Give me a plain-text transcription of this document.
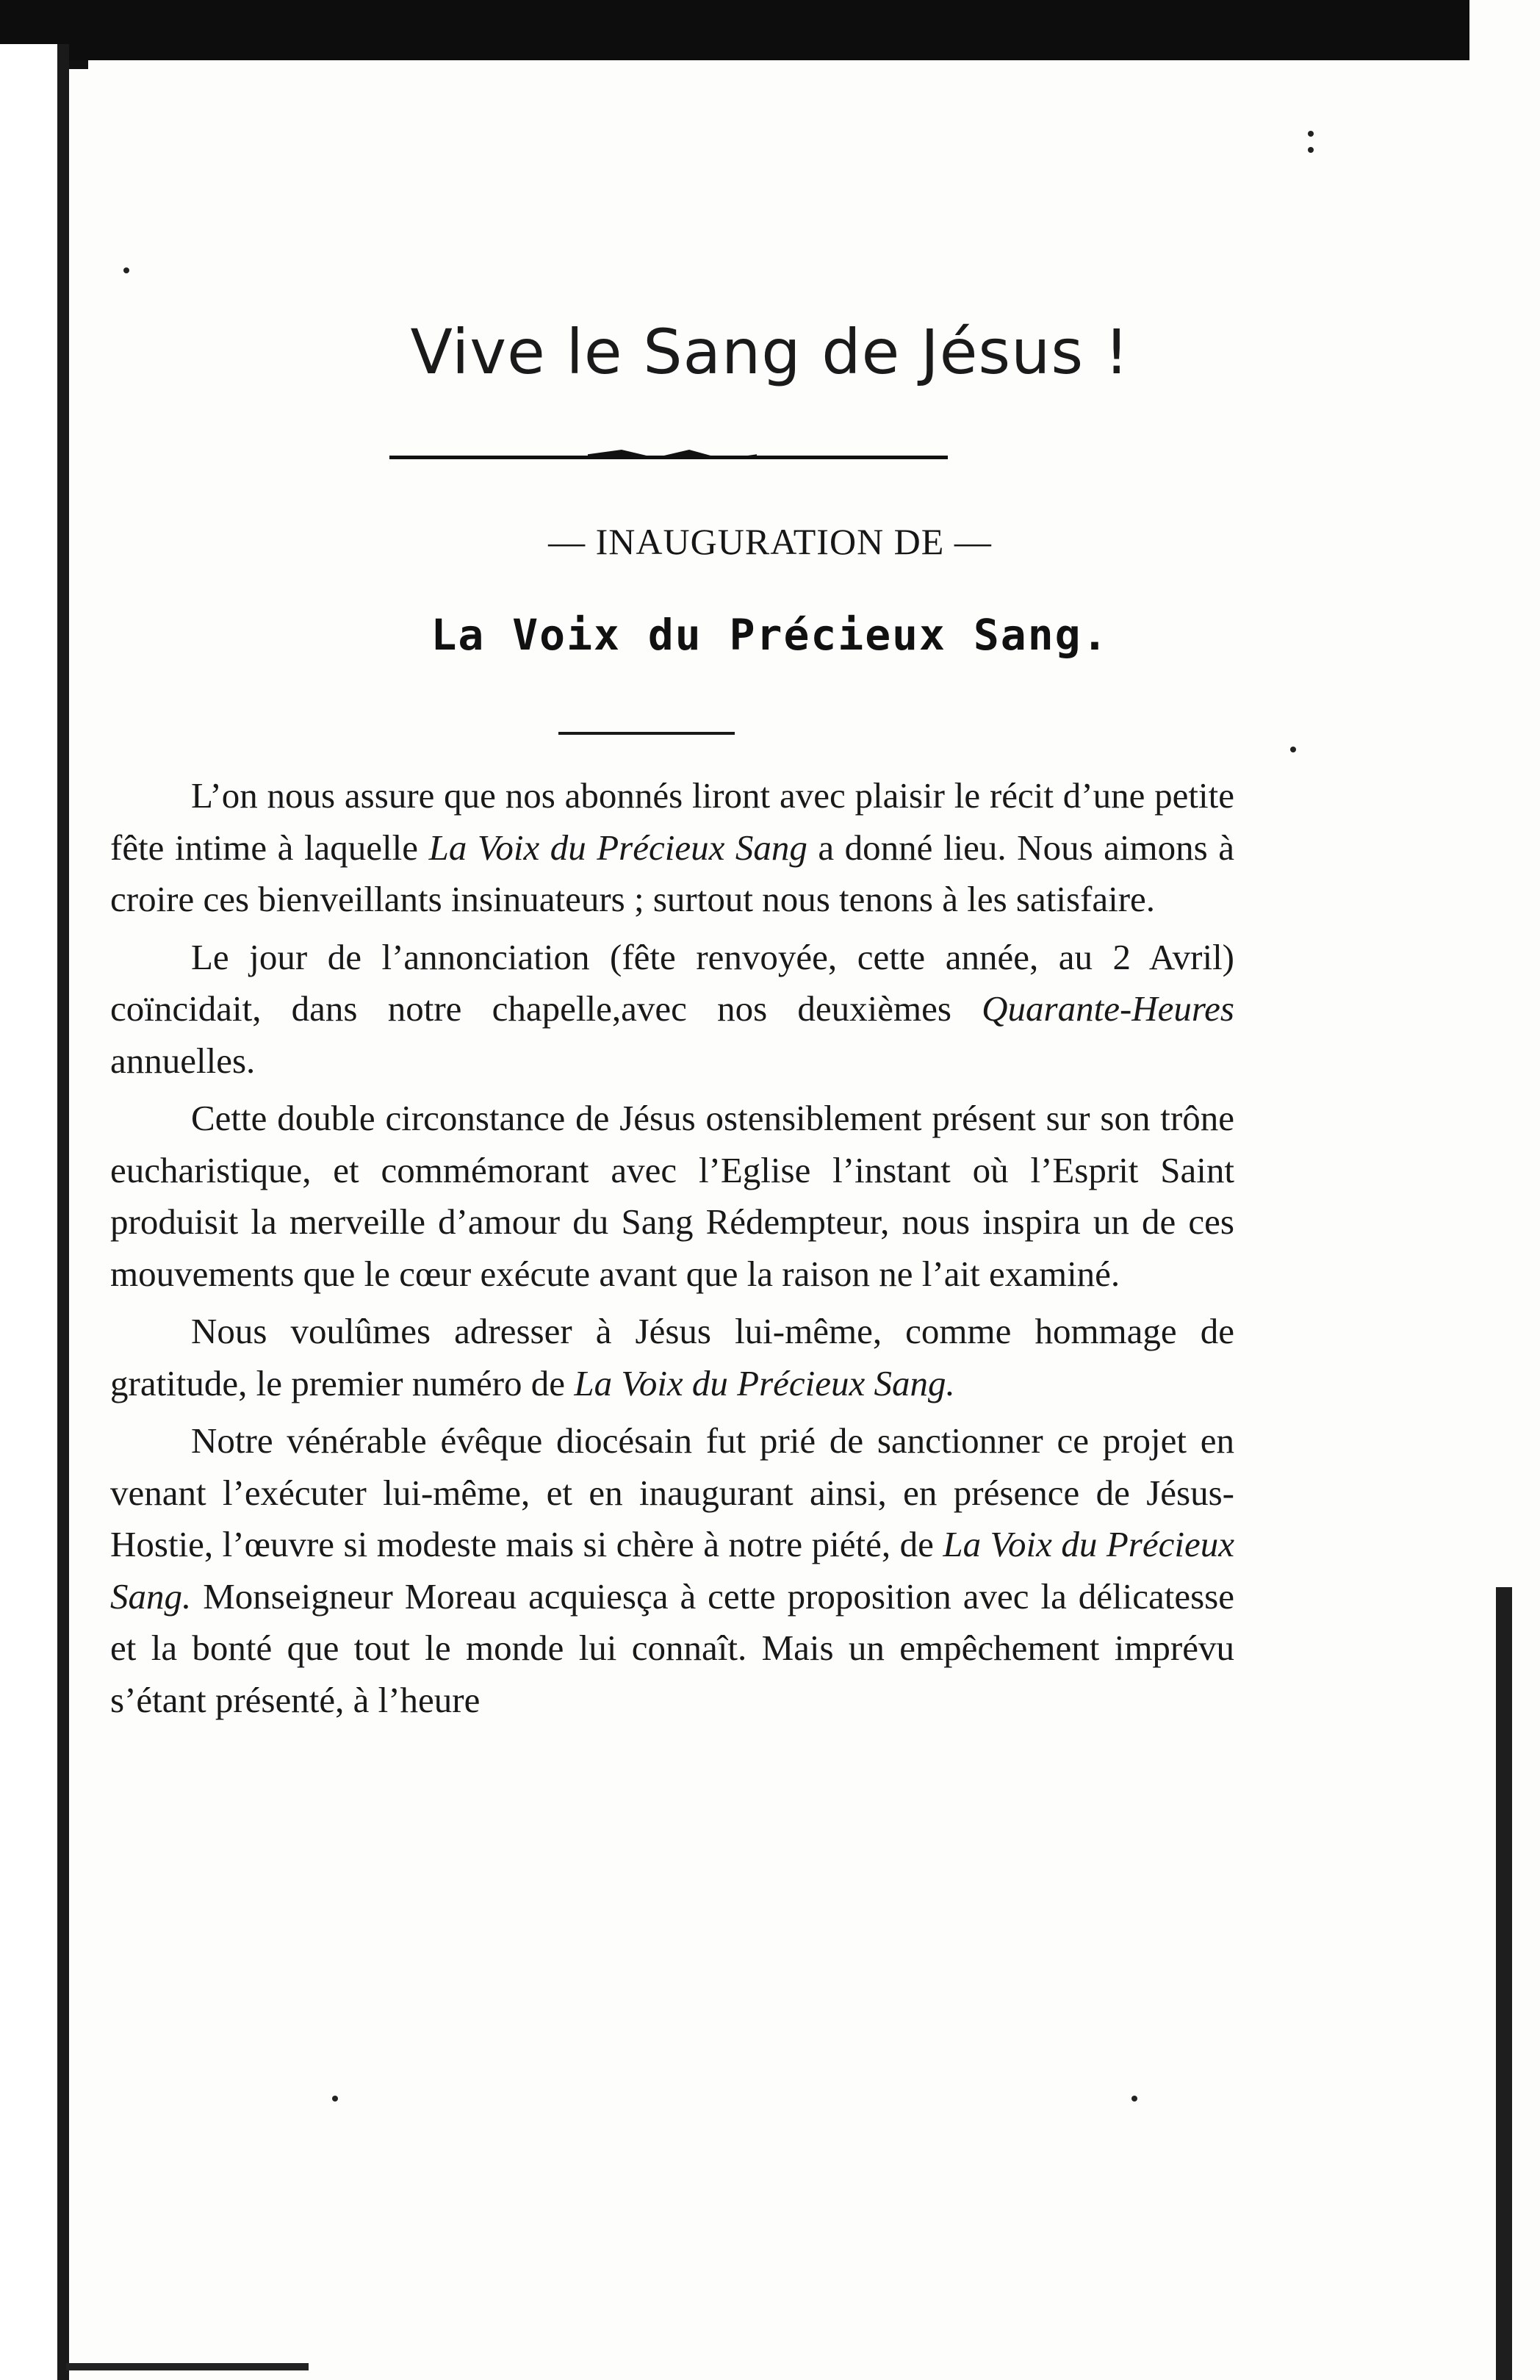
Vive le Sang de Jésus !
— INAUGURATION DE —
La Voix du Précieux Sang.

L’on nous assure que nos abonnés liront avec plaisir le récit d’une petite fête intime à laquelle La Voix du Précieux Sang a donné lieu. Nous aimons à croire ces bienveillants insinuateurs ; surtout nous tenons à les satisfaire.

Le jour de l’annonciation (fête renvoyée, cette année, au 2 Avril) coïncidait, dans notre chapelle,avec nos deuxièmes Quarante-Heures annuelles.

Cette double circonstance de Jésus ostensiblement présent sur son trône eucharistique, et commémorant avec l’Eglise l’instant où l’Esprit Saint produisit la merveille d’amour du Sang Rédempteur, nous inspira un de ces mouvements que le cœur exécute avant que la raison ne l’ait examiné.

Nous voulûmes adresser à Jésus lui-même, comme hommage de gratitude, le premier numéro de La Voix du Précieux Sang.

Notre vénérable évêque diocésain fut prié de sanctionner ce projet en venant l’exécuter lui-même, et en inaugurant ainsi, en présence de Jésus-Hostie, l’œuvre si modeste mais si chère à notre piété, de La Voix du Précieux Sang. Monseigneur Moreau acquiesça à cette proposition avec la délicatesse et la bonté que tout le monde lui connaît. Mais un empêchement imprévu s’étant présenté, à l’heure
